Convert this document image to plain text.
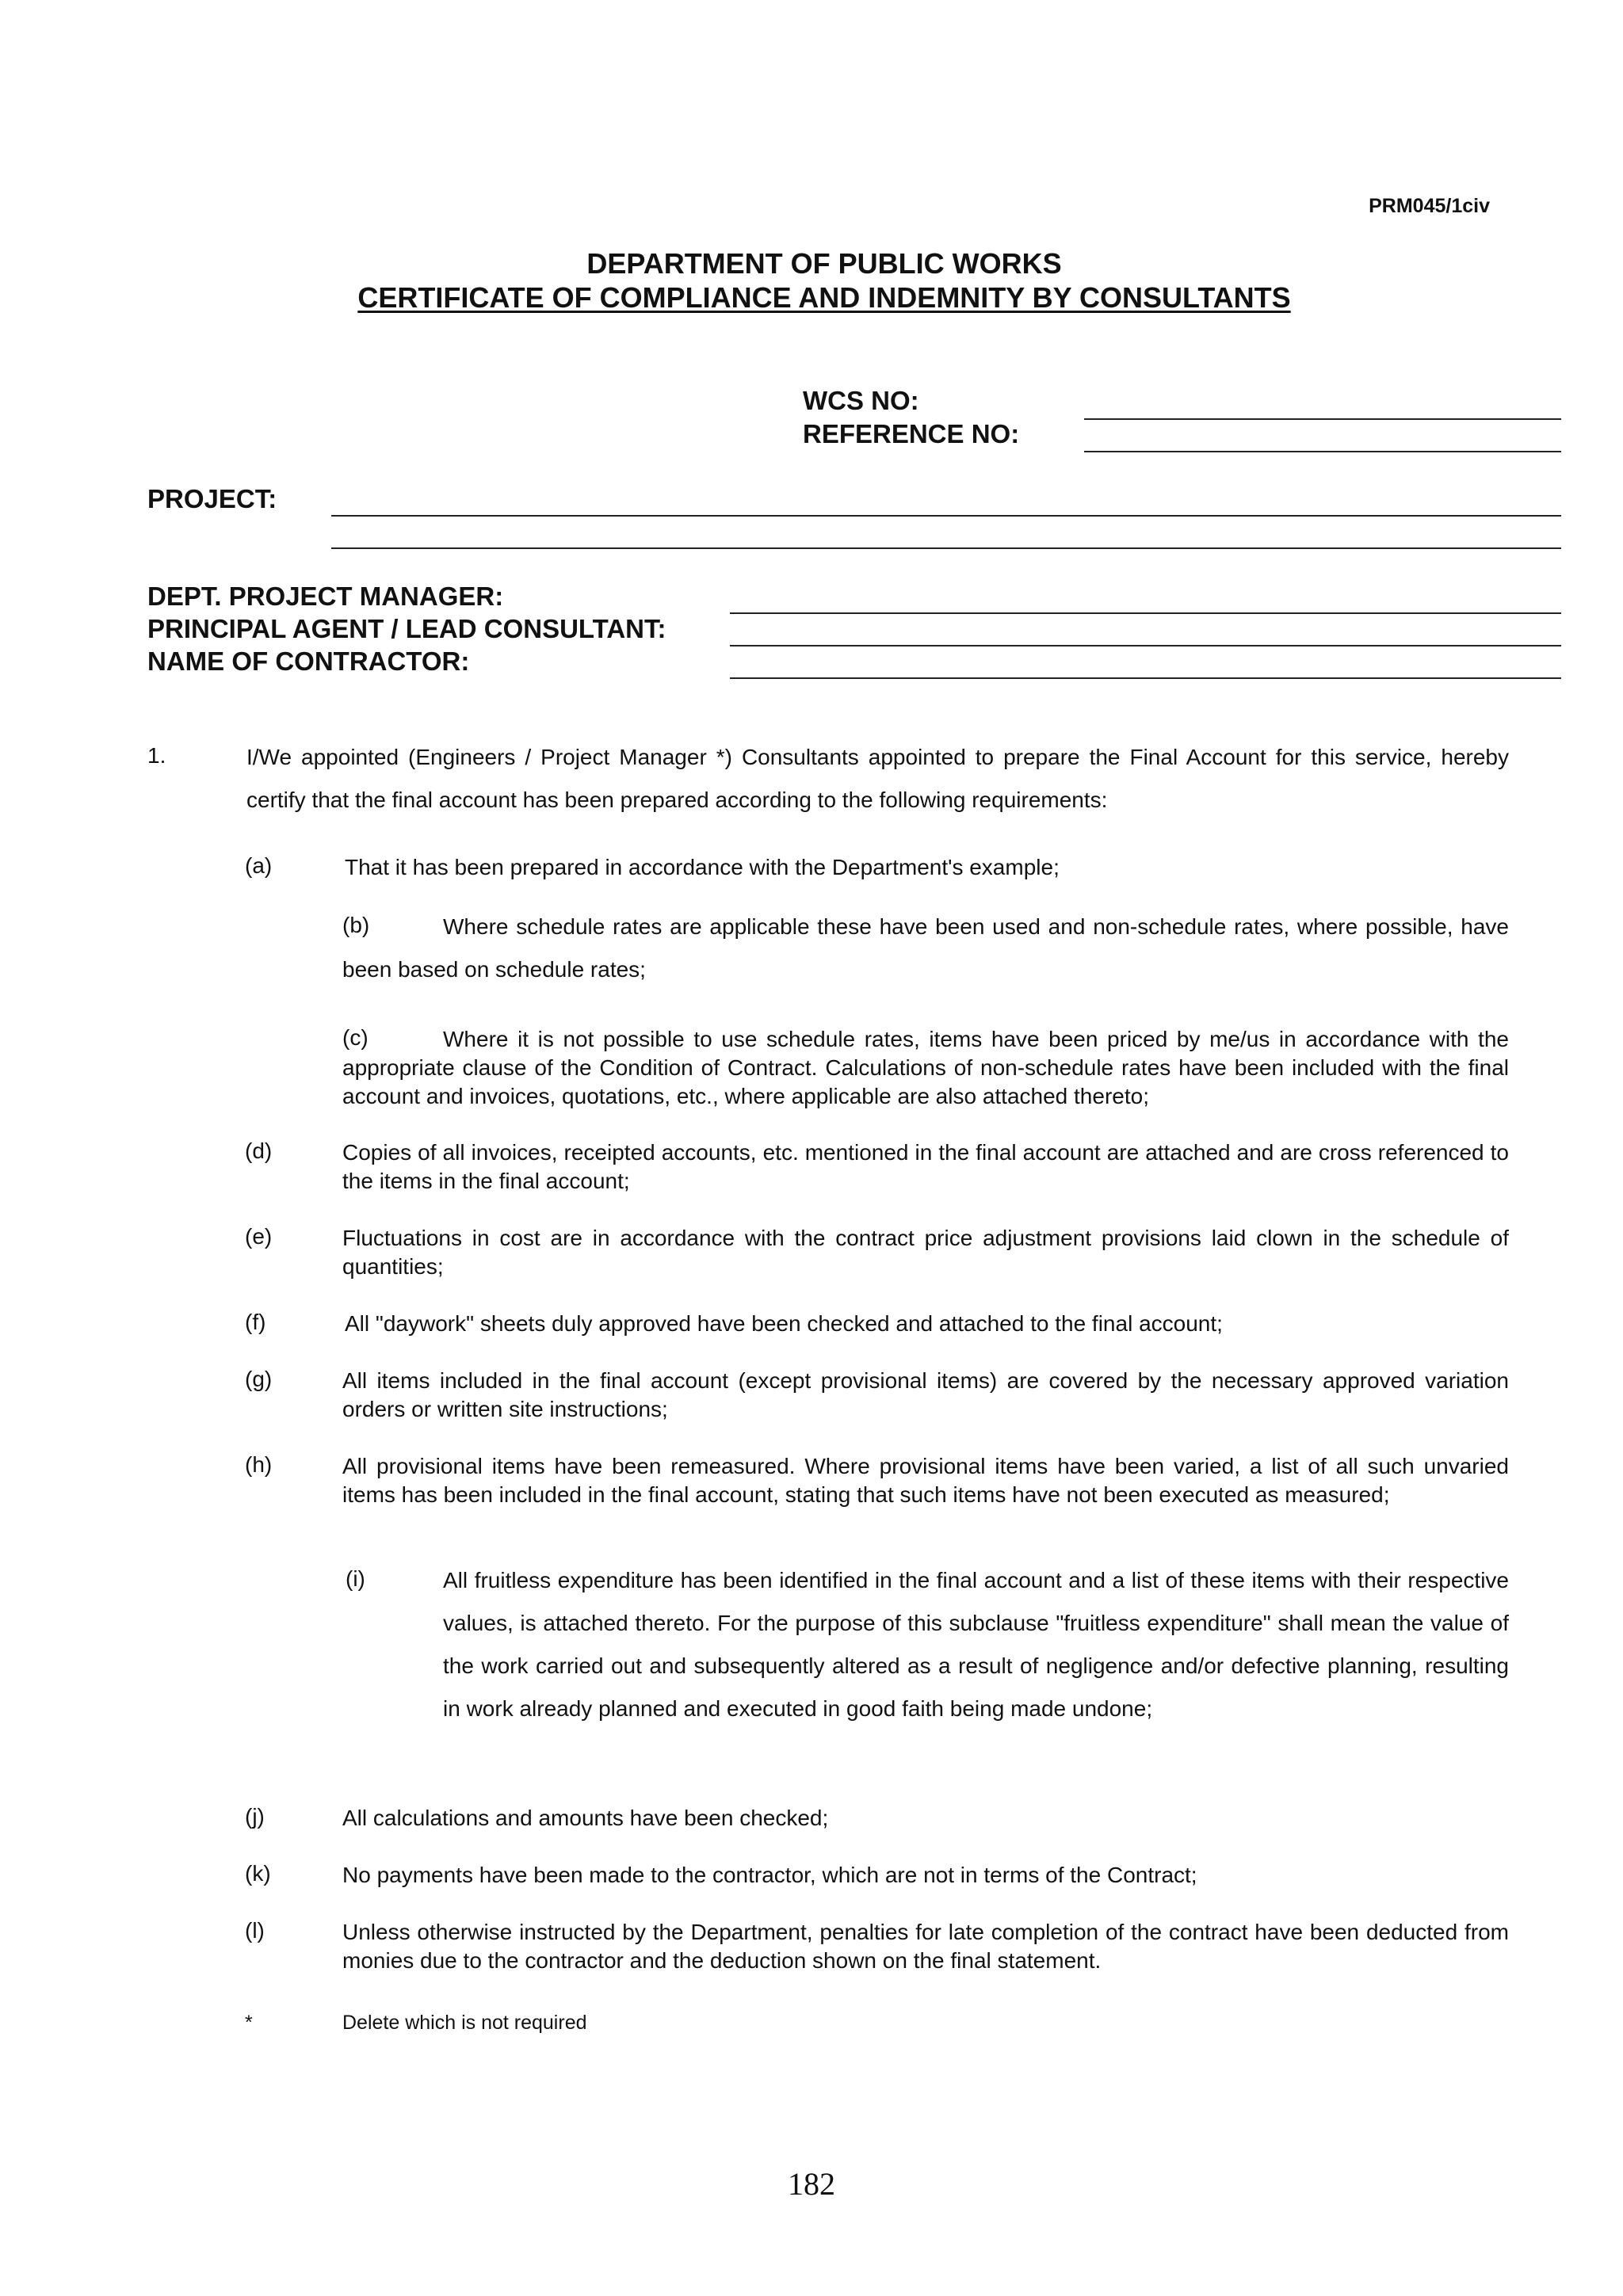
PRM045/1civ
DEPARTMENT OF PUBLIC WORKS
CERTIFICATE OF COMPLIANCE AND INDEMNITY BY CONSULTANTS
WCS NO:
REFERENCE NO:
PROJECT:
DEPT. PROJECT MANAGER:
PRINCIPAL AGENT / LEAD CONSULTANT:
NAME OF CONTRACTOR:
1.	I/We appointed (Engineers / Project Manager *) Consultants appointed to prepare the Final Account for this service, hereby certify that the final account has been prepared according to the following requirements:
(a)	That it has been prepared in accordance with the Department's example;
(b)	Where schedule rates are applicable these have been used and non-schedule rates, where possible, have been based on schedule rates;
(c)	Where it is not possible to use schedule rates, items have been priced by me/us in accordance with the appropriate clause of the Condition of Contract. Calculations of non-schedule rates have been included with the final account and invoices, quotations, etc., where applicable are also attached thereto;
(d)	Copies of all invoices, receipted accounts, etc. mentioned in the final account are attached and are cross referenced to the items in the final account;
(e)	Fluctuations in cost are in accordance with the contract price adjustment provisions laid clown in the schedule of quantities;
(f)	All "daywork" sheets duly approved have been checked and attached to the final account;
(g)	All items included in the final account (except provisional items) are covered by the necessary approved variation orders or written site instructions;
(h)	All provisional items have been remeasured. Where provisional items have been varied, a list of all such unvaried items has been included in the final account, stating that such items have not been executed as measured;
(i)	All fruitless expenditure has been identified in the final account and a list of these items with their respective values, is attached thereto. For the purpose of this subclause "fruitless expenditure" shall mean the value of the work carried out and subsequently altered as a result of negligence and/or defective planning, resulting in work already planned and executed in good faith being made undone;
(j)	All calculations and amounts have been checked;
(k)	No payments have been made to the contractor, which are not in terms of the Contract;
(l)	Unless otherwise instructed by the Department, penalties for late completion of the contract have been deducted from monies due to the contractor and the deduction shown on the final statement.
*	Delete which is not required
182
